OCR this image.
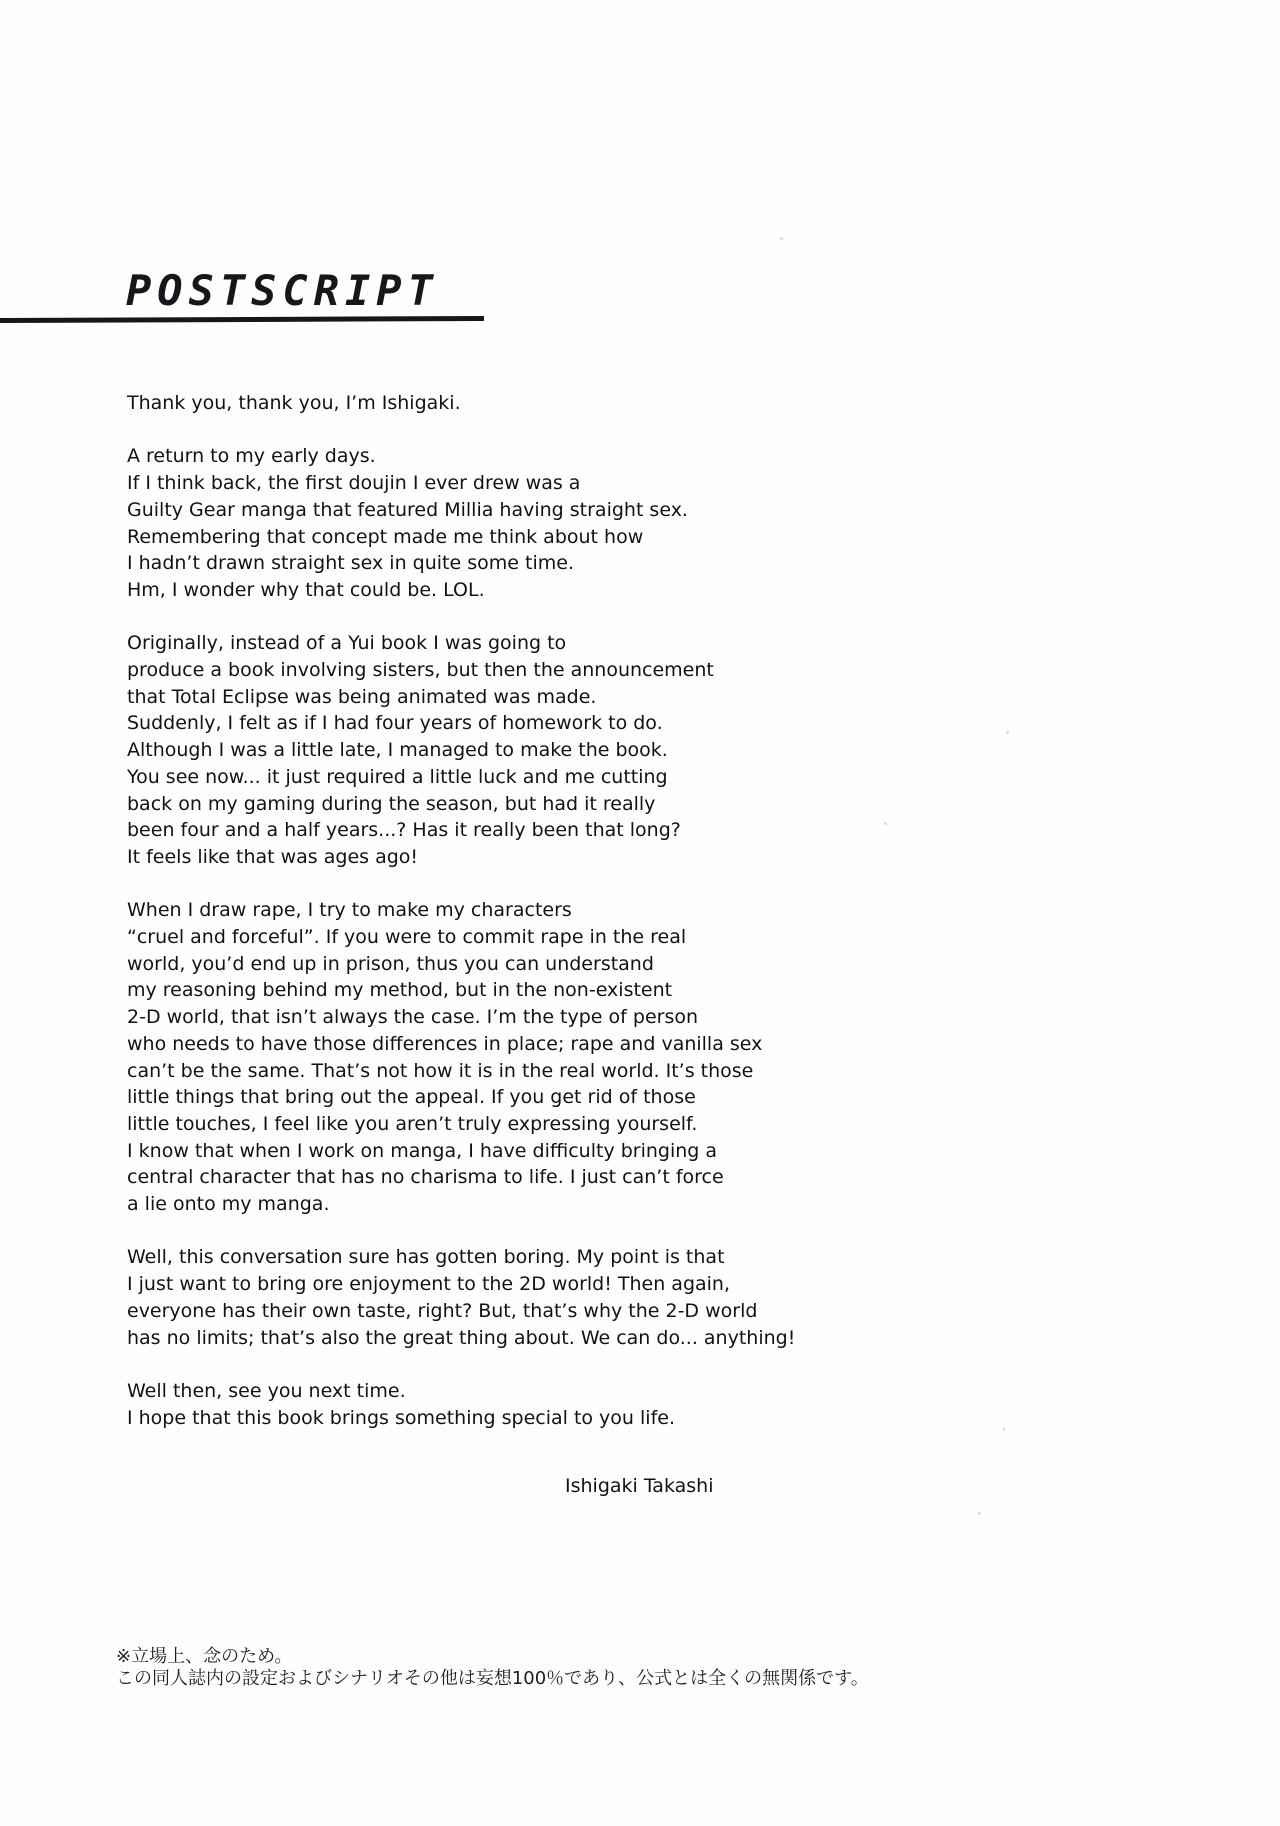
POSTSCRIPT

Thank you, thank you, I’m Ishigaki.

A return to my early days.
If I think back, the first doujin I ever drew was a
Guilty Gear manga that featured Millia having straight sex.
Remembering that concept made me think about how
I hadn’t drawn straight sex in quite some time.
Hm, I wonder why that could be. LOL.

Originally, instead of a Yui book I was going to
produce a book involving sisters, but then the announcement
that Total Eclipse was being animated was made.
Suddenly, I felt as if I had four years of homework to do.
Although I was a little late, I managed to make the book.
You see now... it just required a little luck and me cutting
back on my gaming during the season, but had it really
been four and a half years...? Has it really been that long?
It feels like that was ages ago!

When I draw rape, I try to make my characters
“cruel and forceful”. If you were to commit rape in the real
world, you’d end up in prison, thus you can understand
my reasoning behind my method, but in the non-existent
2-D world, that isn’t always the case. I’m the type of person
who needs to have those differences in place; rape and vanilla sex
can’t be the same. That’s not how it is in the real world. It’s those
little things that bring out the appeal. If you get rid of those
little touches, I feel like you aren’t truly expressing yourself.
I know that when I work on manga, I have difficulty bringing a
central character that has no charisma to life. I just can’t force
a lie onto my manga.

Well, this conversation sure has gotten boring. My point is that
I just want to bring ore enjoyment to the 2D world! Then again,
everyone has their own taste, right? But, that’s why the 2-D world
has no limits; that’s also the great thing about. We can do... anything!

Well then, see you next time.
I hope that this book brings something special to you life.

Ishigaki Takashi
※立場上、念のため。
この同人誌内の設定およびシナリオその他は妄想100％であり、公式とは全くの無関係です。
